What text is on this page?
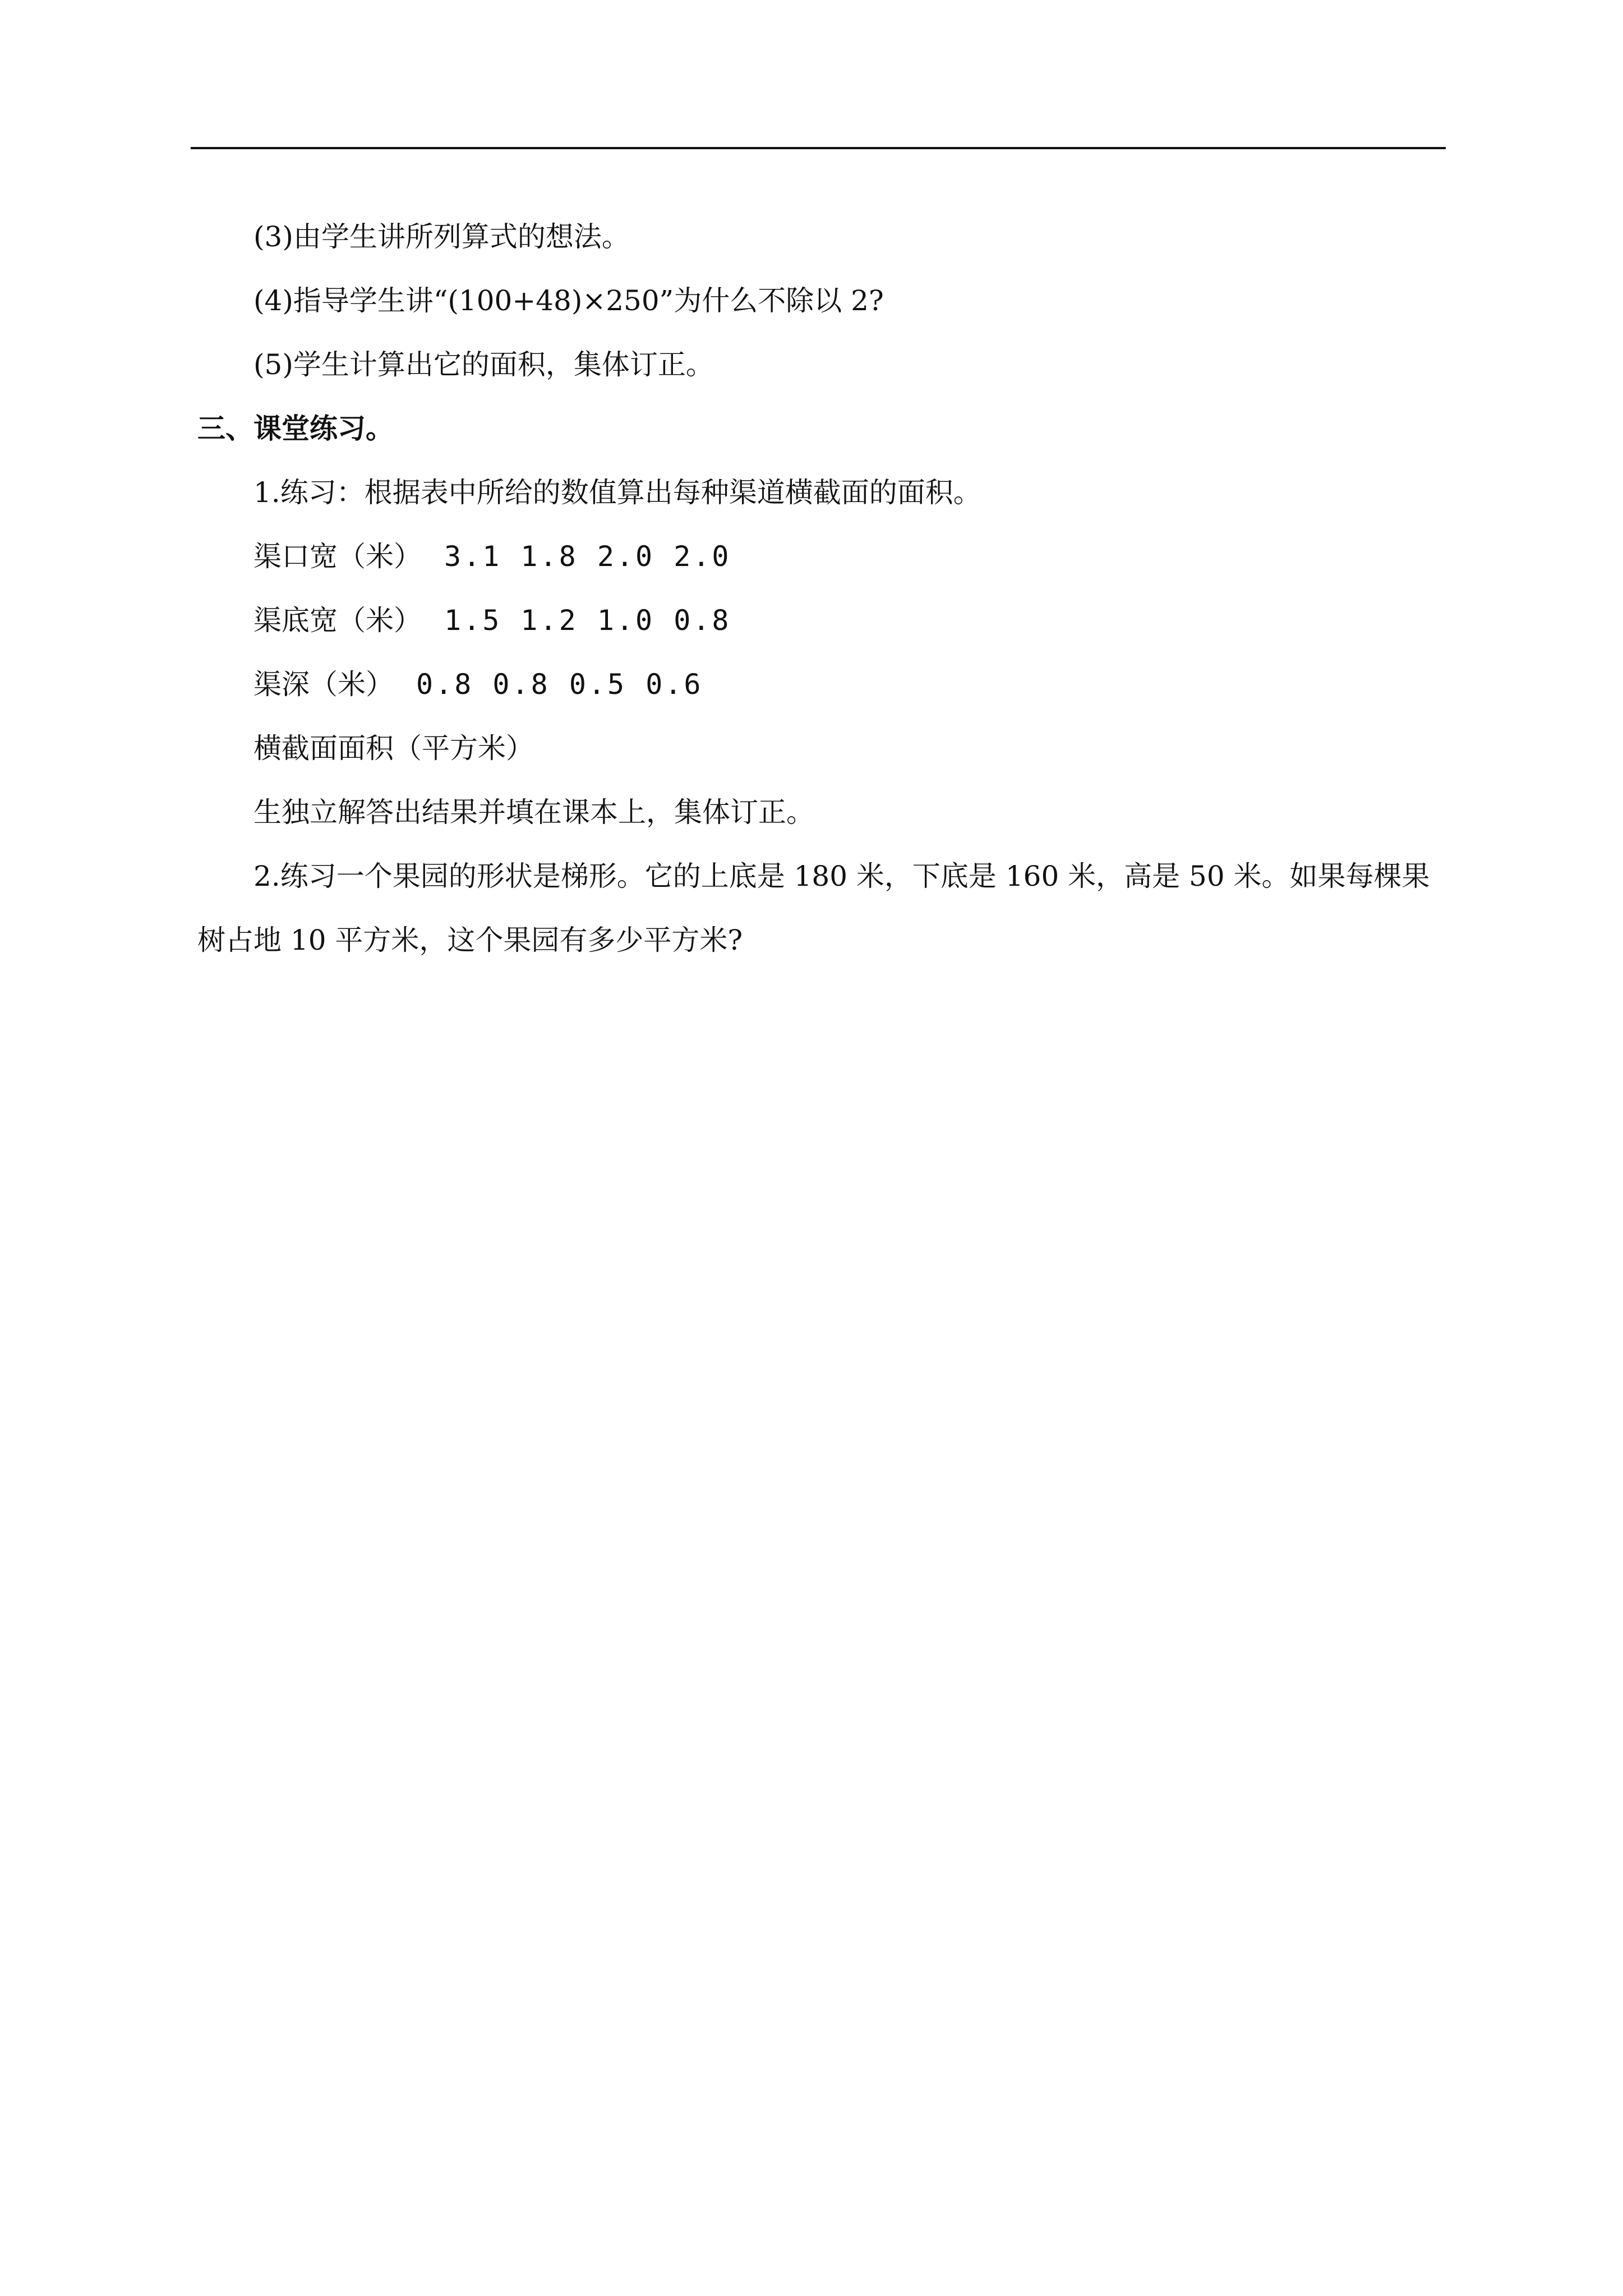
(3)由学生讲所列算式的想法。

(4)指导学生讲“(100+48)×250”为什么不除以 2?

(5)学生计算出它的面积，集体订正。

三、课堂练习。

1.练习：根据表中所给的数值算出每种渠道横截面的面积。

渠口宽（米） 3.1 1.8 2.0 2.0

渠底宽（米） 1.5 1.2 1.0 0.8

渠深（米） 0.8 0.8 0.5 0.6

横截面面积（平方米）

生独立解答出结果并填在课本上，集体订正。

2.练习一个果园的形状是梯形。它的上底是 180 米，下底是 160 米，高是 50 米。如果每棵果树占地 10 平方米，这个果园有多少平方米?
